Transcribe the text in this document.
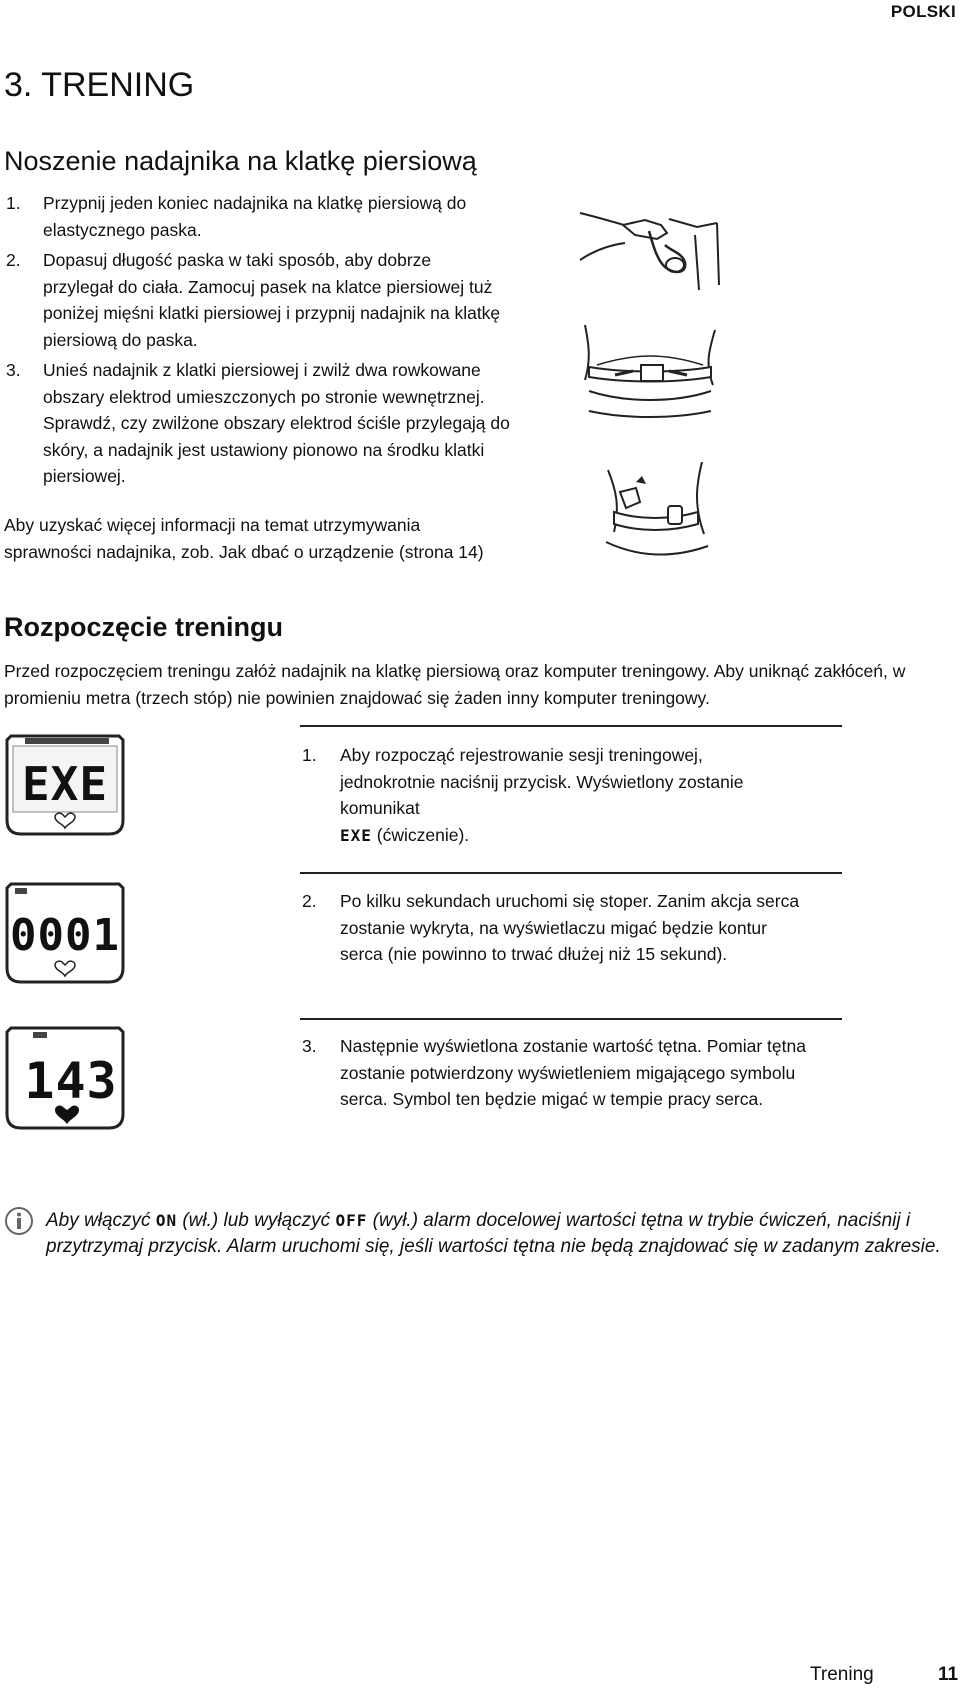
POLSKI
3. TRENING
Noszenie nadajnika na klatkę piersiową
1. Przypnij jeden koniec nadajnika na klatkę piersiową do elastycznego paska.
2. Dopasuj długość paska w taki sposób, aby dobrze przylegał do ciała. Zamocuj pasek na klatce piersiowej tuż poniżej mięśni klatki piersiowej i przypnij nadajnik na klatkę piersiową do paska.
3. Unieś nadajnik z klatki piersiowej i zwilż dwa rowkowane obszary elektrod umieszczonych po stronie wewnętrznej. Sprawdź, czy zwilżone obszary elektrod ściśle przylegają do skóry, a nadajnik jest ustawiony pionowo na środku klatki piersiowej.

Aby uzyskać więcej informacji na temat utrzymywania sprawności nadajnika, zob. Jak dbać o urządzenie (strona 14)

Rozpoczęcie treningu

Przed rozpoczęciem treningu załóż nadajnik na klatkę piersiową oraz komputer treningowy. Aby uniknąć zakłóceń, w promieniu metra (trzech stóp) nie powinien znajdować się żaden inny komputer treningowy.

EXE
1.	Aby rozpocząć rejestrowanie sesji treningowej, jednokrotnie naciśnij przycisk. Wyświetlony zostanie komunikat
EXE (ćwiczenie).
0001
2.	Po kilku sekundach uruchomi się stoper. Zanim akcja serca zostanie wykryta, na wyświetlaczu migać będzie kontur serca (nie powinno to trwać dłużej niż 15 sekund).
143
3.	Następnie wyświetlona zostanie wartość tętna. Pomiar tętna zostanie potwierdzony wyświetleniem migającego symbolu serca. Symbol ten będzie migać w tempie pracy serca.

Aby włączyć ON (wł.) lub wyłączyć OFF (wył.) alarm docelowej wartości tętna w trybie ćwiczeń, naciśnij i przytrzymaj przycisk. Alarm uruchomi się, jeśli wartości tętna nie będą znajdować się w zadanym zakresie.

Trening	11
